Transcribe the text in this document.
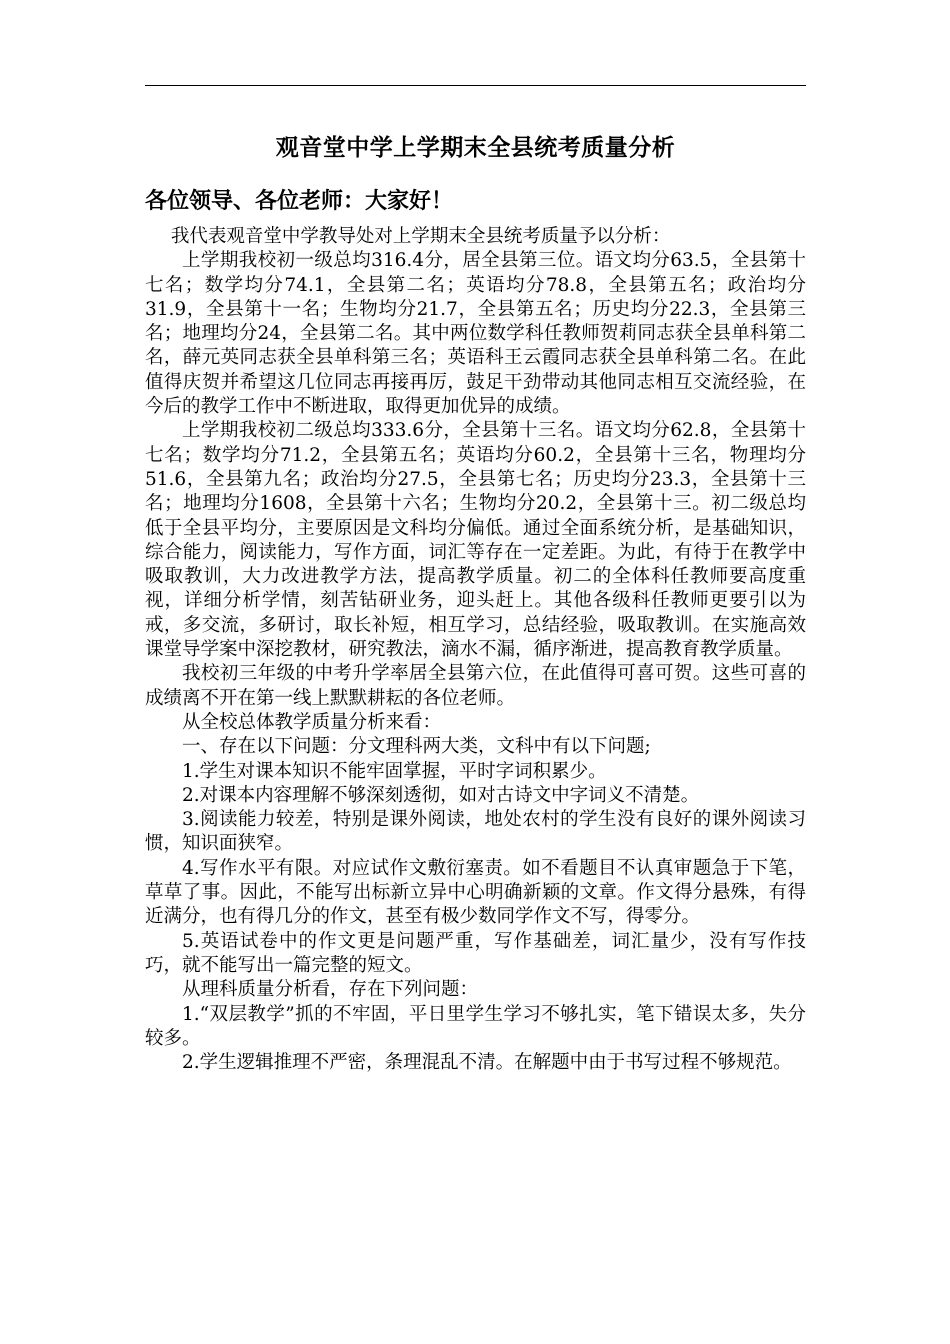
观音堂中学上学期末全县统考质量分析
各位领导、各位老师：大家好！

我代表观音堂中学教导处对上学期末全县统考质量予以分析：

上学期我校初一级总均316.4分，居全县第三位。语文均分63.5，全县第十七名；数学均分74.1，全县第二名；英语均分78.8，全县第五名；政治均分31.9，全县第十一名；生物均分21.7，全县第五名；历史均分22.3，全县第三名；地理均分24，全县第二名。其中两位数学科任教师贺莉同志获全县单科第二名，薛元英同志获全县单科第三名；英语科王云霞同志获全县单科第二名。在此值得庆贺并希望这几位同志再接再厉，鼓足干劲带动其他同志相互交流经验，在今后的教学工作中不断进取，取得更加优异的成绩。

上学期我校初二级总均333.6分，全县第十三名。语文均分62.8，全县第十七名；数学均分71.2，全县第五名；英语均分60.2，全县第十三名，物理均分51.6，全县第九名；政治均分27.5，全县第七名；历史均分23.3，全县第十三名；地理均分1608，全县第十六名；生物均分20.2，全县第十三。初二级总均低于全县平均分，主要原因是文科均分偏低。通过全面系统分析，是基础知识，综合能力，阅读能力，写作方面，词汇等存在一定差距。为此，有待于在教学中吸取教训，大力改进教学方法，提高教学质量。初二的全体科任教师要高度重视，详细分析学情，刻苦钻研业务，迎头赶上。其他各级科任教师更要引以为戒，多交流，多研讨，取长补短，相互学习，总结经验，吸取教训。在实施高效课堂导学案中深挖教材，研究教法，滴水不漏，循序渐进，提高教育教学质量。

我校初三年级的中考升学率居全县第六位，在此值得可喜可贺。这些可喜的成绩离不开在第一线上默默耕耘的各位老师。

从全校总体教学质量分析来看：

一、存在以下问题：分文理科两大类，文科中有以下问题;

1.学生对课本知识不能牢固掌握，平时字词积累少。

2.对课本内容理解不够深刻透彻，如对古诗文中字词义不清楚。

3.阅读能力较差，特别是课外阅读，地处农村的学生没有良好的课外阅读习惯，知识面狭窄。

4.写作水平有限。对应试作文敷衍塞责。如不看题目不认真审题急于下笔，草草了事。因此，不能写出标新立异中心明确新颖的文章。作文得分悬殊，有得近满分，也有得几分的作文，甚至有极少数同学作文不写，得零分。

5.英语试卷中的作文更是问题严重，写作基础差，词汇量少，没有写作技巧，就不能写出一篇完整的短文。

从理科质量分析看，存在下列问题：

1.“双层教学”抓的不牢固，平日里学生学习不够扎实，笔下错误太多，失分较多。

2.学生逻辑推理不严密，条理混乱不清。在解题中由于书写过程不够规范。
